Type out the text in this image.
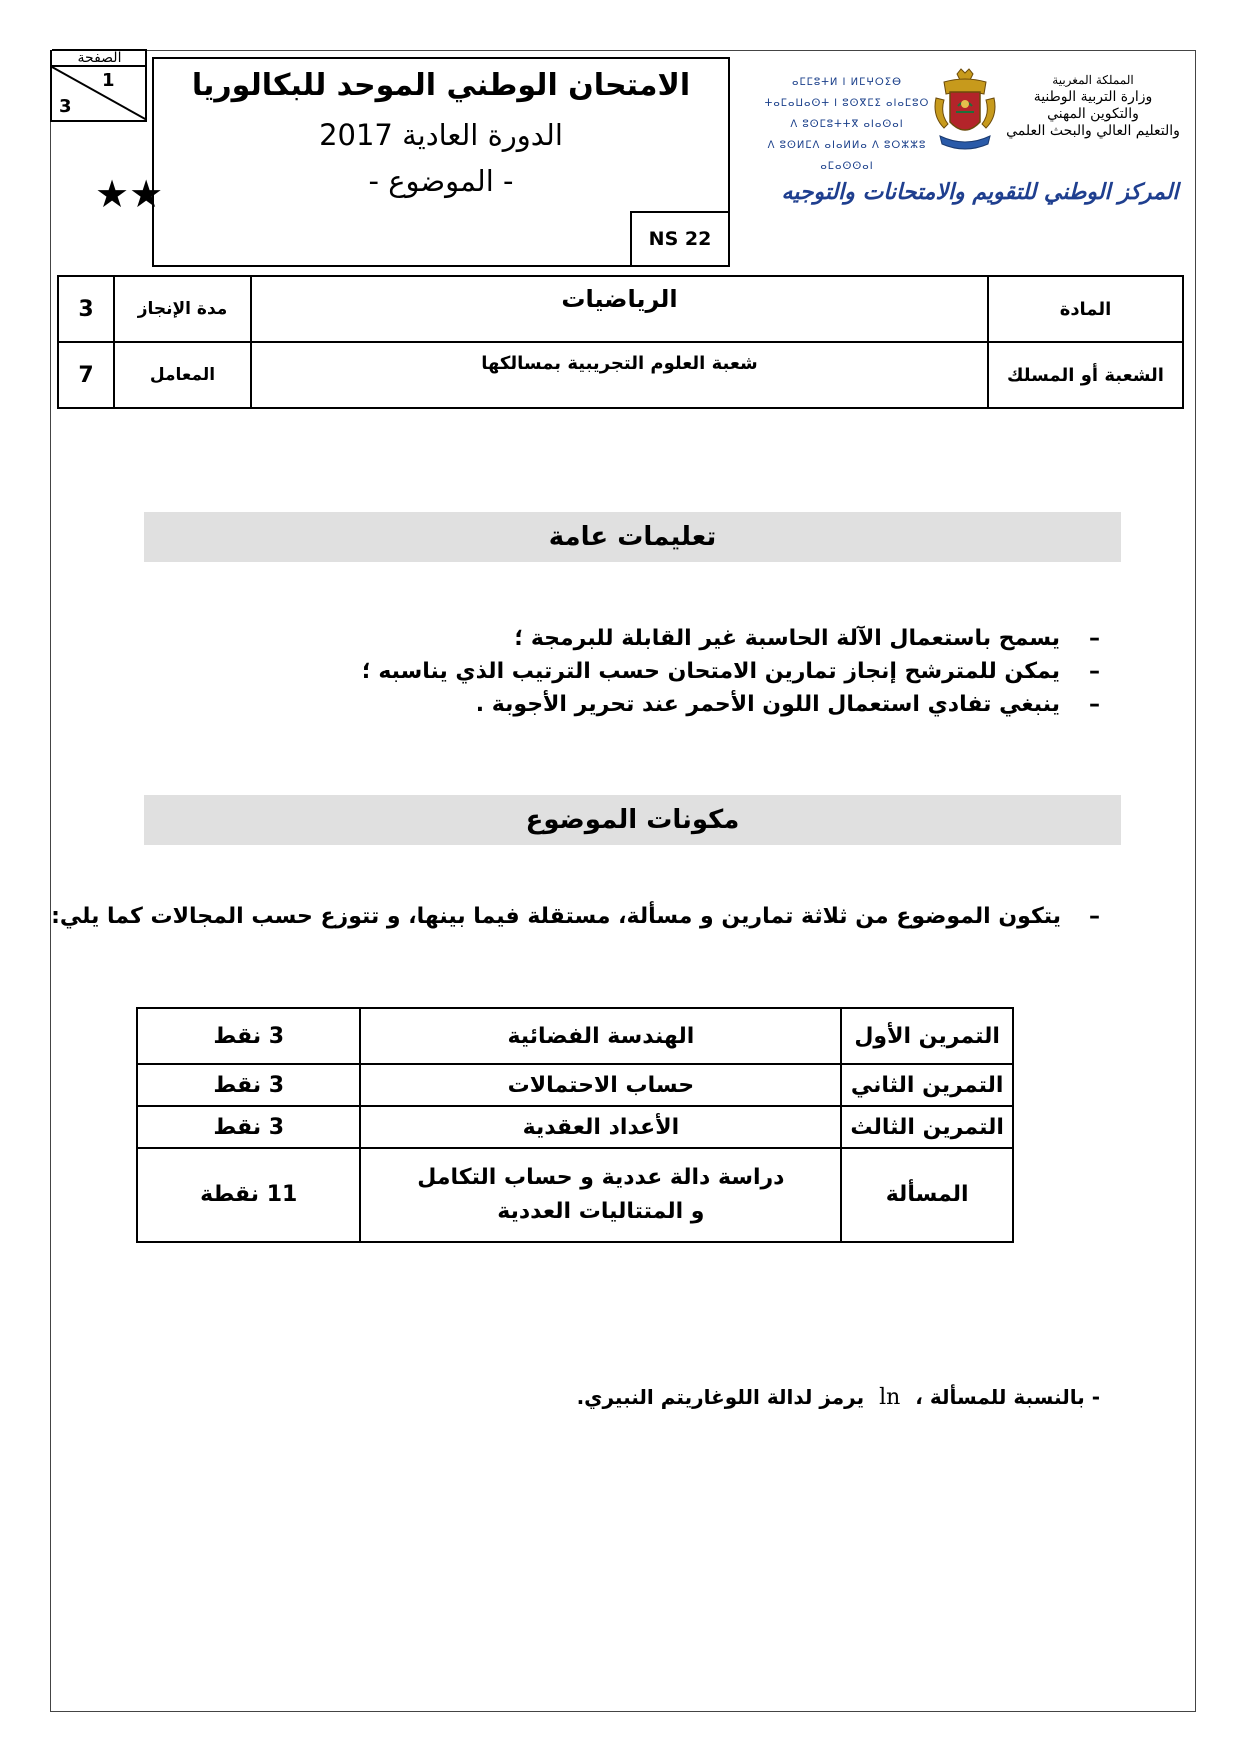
الصفحة
1
3
★★
الامتحان الوطني الموحد للبكالوريا
الدورة العادية 2017
- الموضوع -
NS 22
ⴰⵎⵎⵓⵜⵍ ⵏ ⵍⵎⵖⵔⵉⴱ
ⵜⴰⵎⴰⵡⴰⵙⵜ ⵏ ⵓⵙⴳⵎⵉ ⴰⵏⴰⵎⵓⵔ
ⴷ ⵓⵙⵎⵓⵜⵜⴳ ⴰⵏⴰⵙⴰⵏ
ⴷ ⵓⵙⵍⵎⴷ ⴰⵏⴰⵍⵍⴰ ⴷ ⵓⵔⵣⵣⵓ ⴰⵎⴰⵙⵙⴰⵏ
المملكة المغربية
وزارة التربية الوطنية
والتكوين المهني
والتعليم العالي والبحث العلمي
المركز الوطني للتقويم والامتحانات والتوجيه
3	مدة الإنجاز	الرياضيات	المادة
7	المعامل	شعبة العلوم التجريبية بمسالكها	الشعبة أو المسلك
تعليمات عامة
– يسمح باستعمال الآلة الحاسبة غير القابلة للبرمجة ؛
– يمكن للمترشح إنجاز تمارين الامتحان حسب الترتيب الذي يناسبه ؛
– ينبغي تفادي استعمال اللون الأحمر عند تحرير الأجوبة .
مكونات الموضوع
–يتكون الموضوع من ثلاثة تمارين و مسألة، مستقلة فيما بينها، و تتوزع حسب المجالات كما يلي:
3 نقط	الهندسة الفضائية	التمرين الأول
3 نقط	حساب الاحتمالات	التمرين الثاني
3 نقط	الأعداد العقدية	التمرين الثالث
11 نقطة	دراسة دالة عددية و حساب التكامل
و المتتاليات العددية	المسألة
- بالنسبة للمسألة ، ln يرمز لدالة اللوغاريتم النبيري.
